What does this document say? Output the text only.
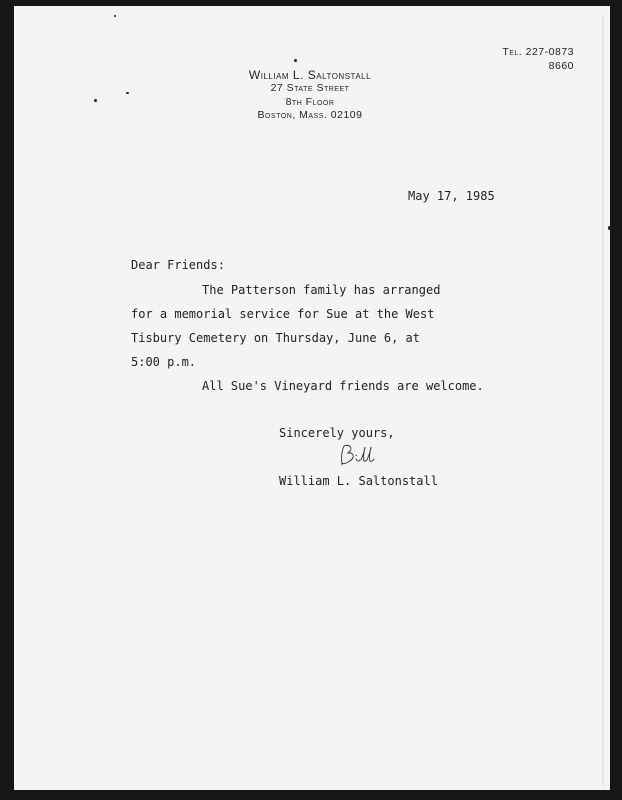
Tel. 227-0873
8660
William L. Saltonstall
27 State Street
8th Floor
Boston, Mass. 02109
May 17, 1985
Dear Friends:
The Patterson family has arranged
for a memorial service for Sue at the West
Tisbury Cemetery on Thursday, June 6, at
5:00 p.m.
All Sue's Vineyard friends are welcome.
Sincerely yours,
William L. Saltonstall
